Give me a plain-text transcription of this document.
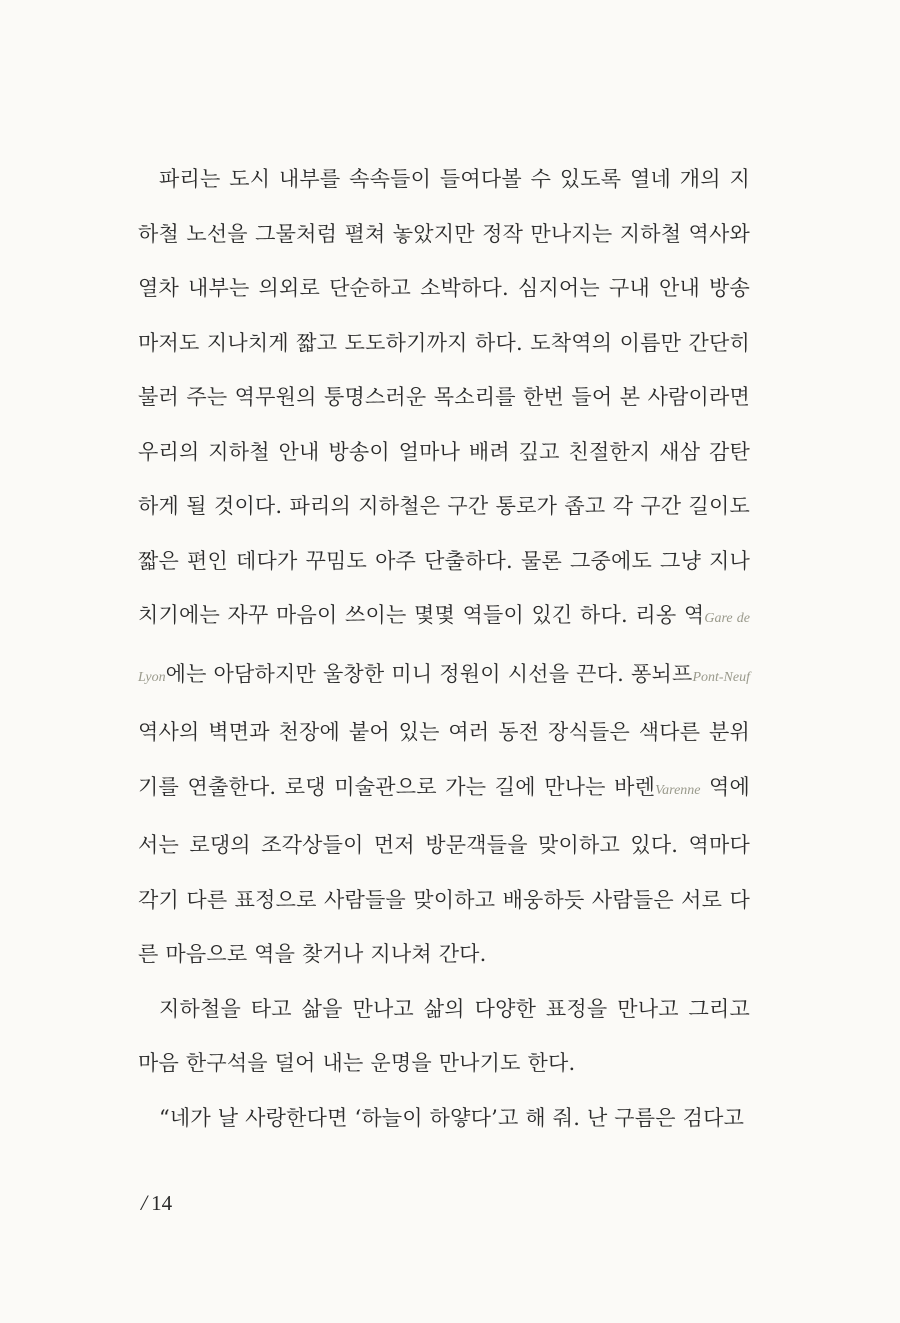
파리는 도시 내부를 속속들이 들여다볼 수 있도록 열네 개의 지하철 노선을 그물처럼 펼쳐 놓았지만 정작 만나지는 지하철 역사와 열차 내부는 의외로 단순하고 소박하다. 심지어는 구내 안내 방송마저도 지나치게 짧고 도도하기까지 하다. 도착역의 이름만 간단히 불러 주는 역무원의 퉁명스러운 목소리를 한번 들어 본 사람이라면 우리의 지하철 안내 방송이 얼마나 배려 깊고 친절한지 새삼 감탄하게 될 것이다. 파리의 지하철은 구간 통로가 좁고 각 구간 길이도 짧은 편인 데다가 꾸밈도 아주 단출하다. 물론 그중에도 그냥 지나치기에는 자꾸 마음이 쓰이는 몇몇 역들이 있긴 하다. 리옹 역Gare de Lyon에는 아담하지만 울창한 미니 정원이 시선을 끈다. 퐁뇌프Pont-Neuf 역사의 벽면과 천장에 붙어 있는 여러 동전 장식들은 색다른 분위기를 연출한다. 로댕 미술관으로 가는 길에 만나는 바렌Varenne 역에서는 로댕의 조각상들이 먼저 방문객들을 맞이하고 있다. 역마다 각기 다른 표정으로 사람들을 맞이하고 배웅하듯 사람들은 서로 다른 마음으로 역을 찾거나 지나쳐 간다.

지하철을 타고 삶을 만나고 삶의 다양한 표정을 만나고 그리고 마음 한구석을 덜어 내는 운명을 만나기도 한다.

“네가 날 사랑한다면 ‘하늘이 하얗다’고 해 줘. 난 구름은 검다고

/ 14
